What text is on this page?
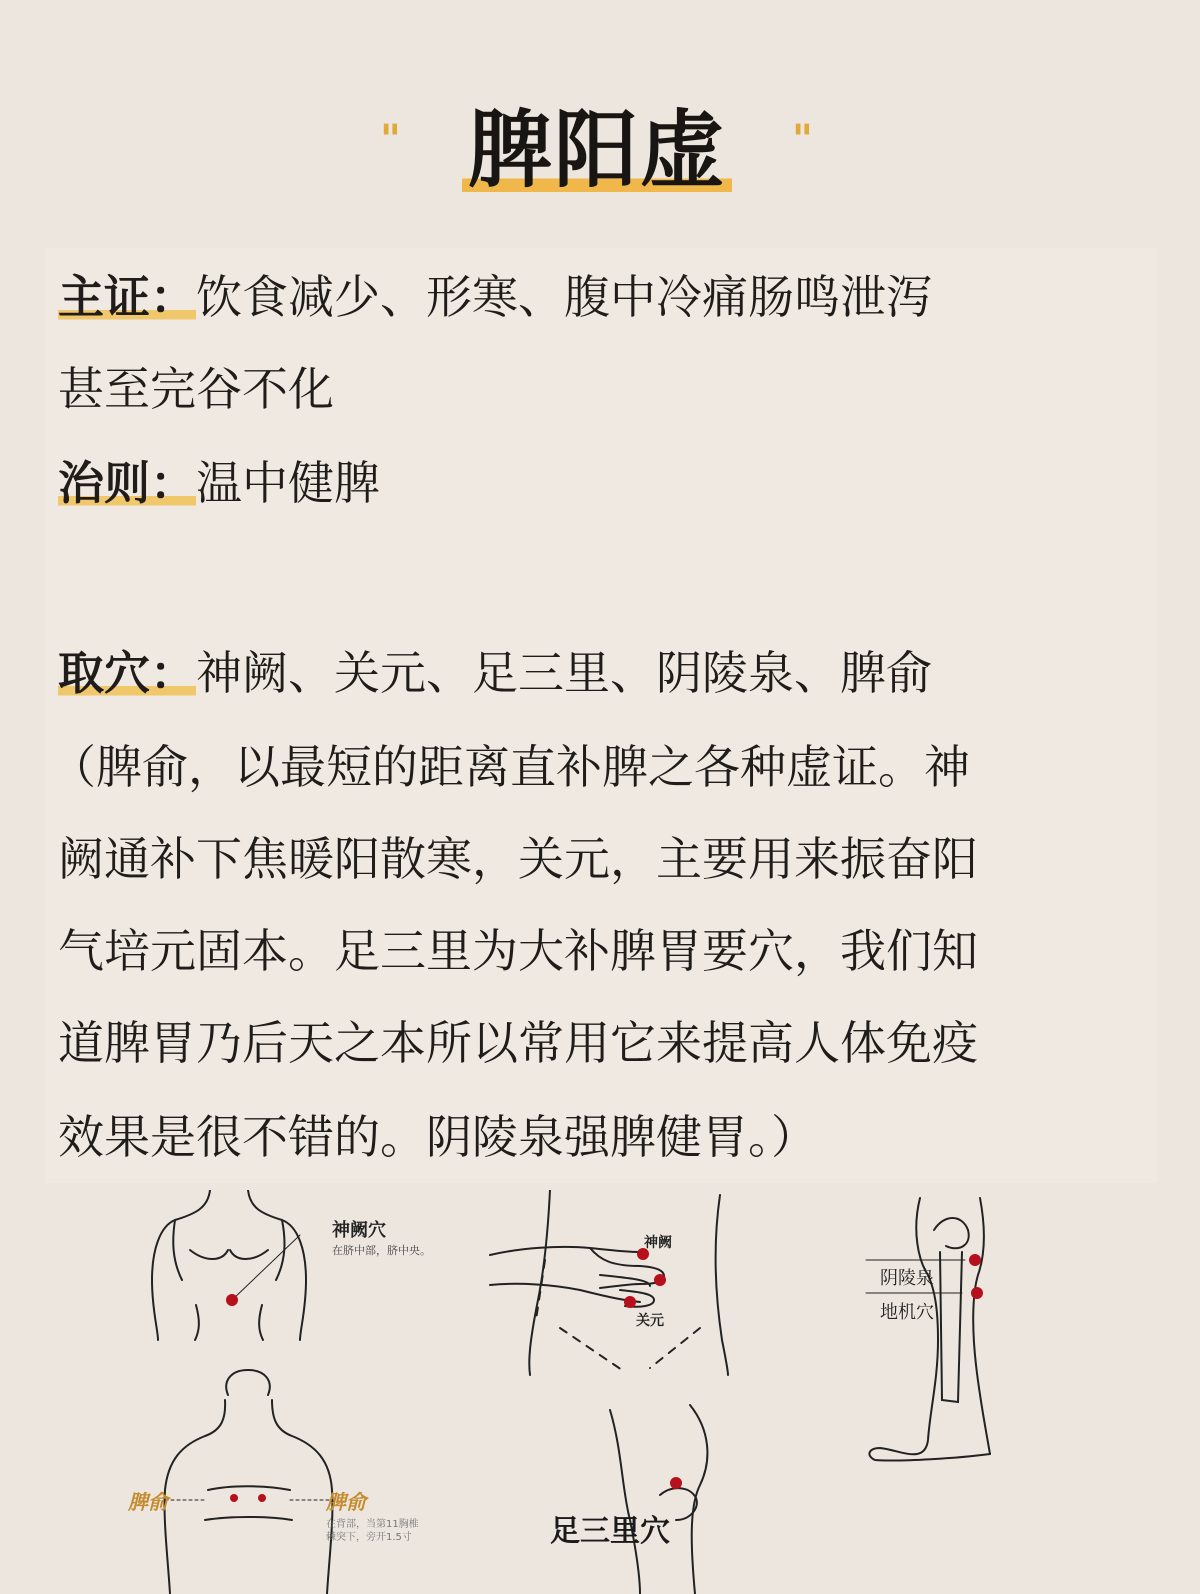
" 脾阳虚 "
主证：饮食减少、形寒、腹中冷痛肠鸣泄泻
甚至完谷不化
治则：温中健脾
取穴：神阙、关元、足三里、阴陵泉、脾俞
（脾俞，以最短的距离直补脾之各种虚证。神
阙通补下焦暖阳散寒，关元，主要用来振奋阳
气培元固本。足三里为大补脾胃要穴，我们知
道脾胃乃后天之本所以常用它来提高人体免疫
效果是很不错的。阴陵泉强脾健胃。）
神阙穴
在脐中部，脐中央。	神阙
关元
阴陵泉
地机穴
脾俞	脾俞
在背部，当第11胸椎
棘突下，旁开1.5寸	足三里穴
